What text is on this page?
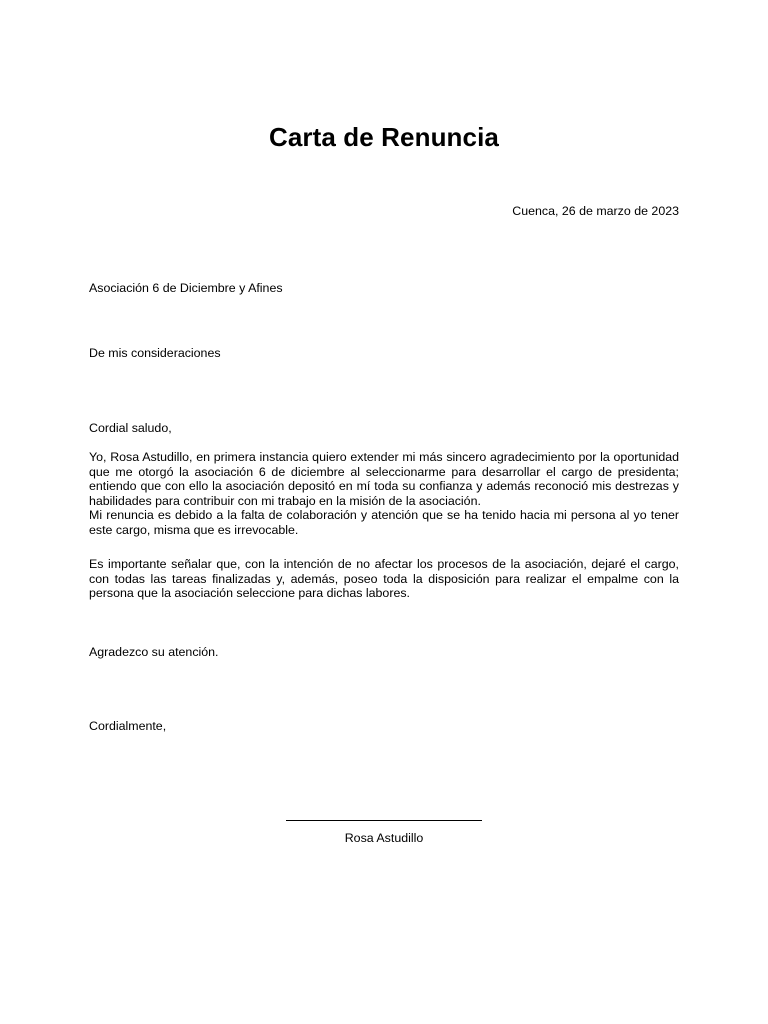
Carta de Renuncia
Cuenca, 26 de marzo de 2023
Asociación 6 de Diciembre y Afines
De mis consideraciones
Cordial saludo,
Yo, Rosa Astudillo, en primera instancia quiero extender mi más sincero agradecimiento por la oportunidad que me otorgó la asociación 6 de diciembre al seleccionarme para desarrollar el cargo de presidenta; entiendo que con ello la asociación depositó en mí toda su confianza y además reconoció mis destrezas y habilidades para contribuir con mi trabajo en la misión de la asociación.
Mi renuncia es debido a la falta de colaboración y atención que se ha tenido hacia mi persona al yo tener este cargo, misma que es irrevocable.
Es importante señalar que, con la intención de no afectar los procesos de la asociación, dejaré el cargo, con todas las tareas finalizadas y, además, poseo toda la disposición para realizar el empalme con la persona que la asociación seleccione para dichas labores.
Agradezco su atención.
Cordialmente,
Rosa Astudillo
